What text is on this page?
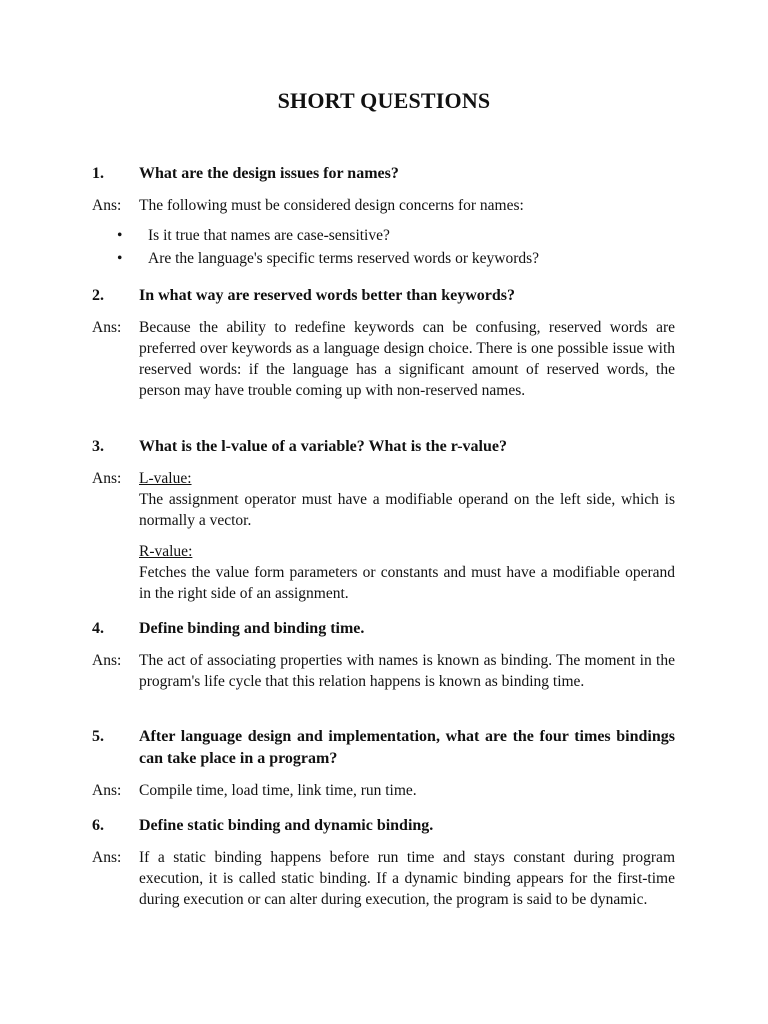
SHORT QUESTIONS
1.	What are the design issues for names?
Ans:	The following must be considered design concerns for names:
• Is it true that names are case-sensitive?
• Are the language's specific terms reserved words or keywords?
2.	In what way are reserved words better than keywords?
Ans:	Because the ability to redefine keywords can be confusing, reserved words are preferred over keywords as a language design choice. There is one possible issue with reserved words: if the language has a significant amount of reserved words, the person may have trouble coming up with non-reserved names.
3.	What is the l-value of a variable? What is the r-value?
Ans:	L-value:
The assignment operator must have a modifiable operand on the left side, which is normally a vector.
R-value:
Fetches the value form parameters or constants and must have a modifiable operand in the right side of an assignment.
4.	Define binding and binding time.
Ans:	The act of associating properties with names is known as binding. The moment in the program's life cycle that this relation happens is known as binding time.
5.	After language design and implementation, what are the four times bindings can take place in a program?
Ans:	Compile time, load time, link time, run time.
6.	Define static binding and dynamic binding.
Ans:	If a static binding happens before run time and stays constant during program execution, it is called static binding. If a dynamic binding appears for the first-time during execution or can alter during execution, the program is said to be dynamic.
